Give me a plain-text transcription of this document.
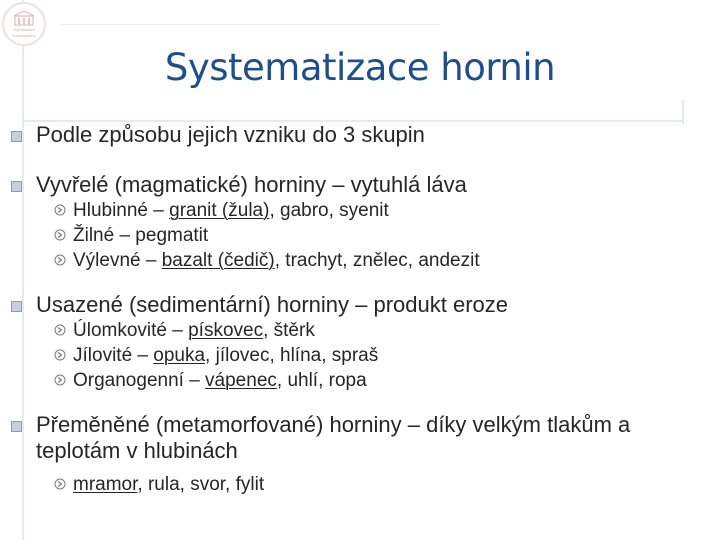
Gymnázium
Komenského
Systematizace hornin
Podle způsobu jejich vzniku do 3 skupin
Vyvřelé (magmatické) horniny – vytuhlá láva
Hlubinné – granit (žula), gabro, syenit
Žilné – pegmatit
Výlevné – bazalt (čedič), trachyt, znělec, andezit
Usazené (sedimentární) horniny – produkt eroze
Úlomkovité – pískovec, štěrk
Jílovité – opuka, jílovec, hlína, spraš
Organogenní – vápenec, uhlí, ropa
Přeměněné (metamorfované) horniny – díky velkým tlakům a teplotám v hlubinách
mramor, rula, svor, fylit
